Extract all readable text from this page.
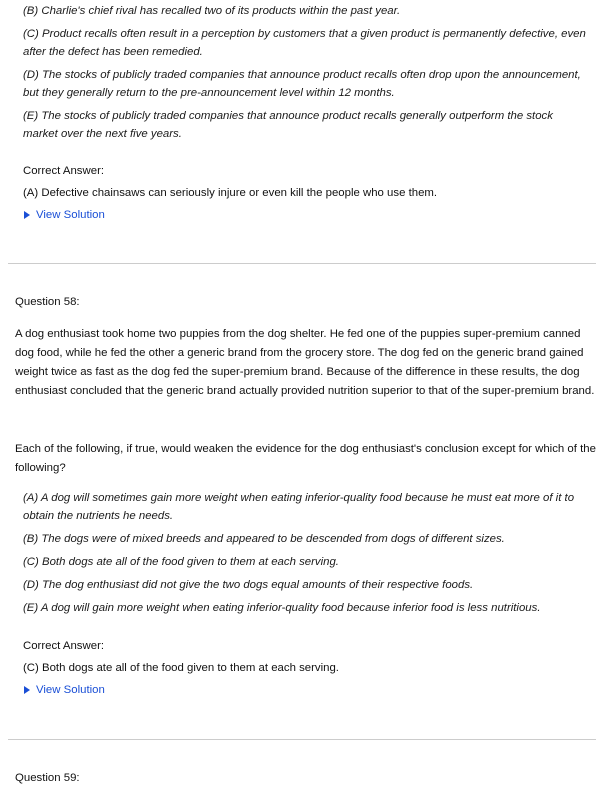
(B) Charlie's chief rival has recalled two of its products within the past year.

(C) Product recalls often result in a perception by customers that a given product is permanently defective, even after the defect has been remedied.

(D) The stocks of publicly traded companies that announce product recalls often drop upon the announcement, but they generally return to the pre-announcement level within 12 months.

(E) The stocks of publicly traded companies that announce product recalls generally outperform the stock market over the next five years.

Correct Answer:
(A) Defective chainsaws can seriously injure or even kill the people who use them.
View Solution
Question 58:

A dog enthusiast took home two puppies from the dog shelter. He fed one of the puppies super-premium canned dog food, while he fed the other a generic brand from the grocery store. The dog fed on the generic brand gained weight twice as fast as the dog fed the super-premium brand. Because of the difference in these results, the dog enthusiast concluded that the generic brand actually provided nutrition superior to that of the super-premium brand.

Each of the following, if true, would weaken the evidence for the dog enthusiast's conclusion except for which of the following?

(A) A dog will sometimes gain more weight when eating inferior-quality food because he must eat more of it to obtain the nutrients he needs.

(B) The dogs were of mixed breeds and appeared to be descended from dogs of different sizes.

(C) Both dogs ate all of the food given to them at each serving.

(D) The dog enthusiast did not give the two dogs equal amounts of their respective foods.

(E) A dog will gain more weight when eating inferior-quality food because inferior food is less nutritious.

Correct Answer:
(C) Both dogs ate all of the food given to them at each serving.
View Solution
Question 59:
